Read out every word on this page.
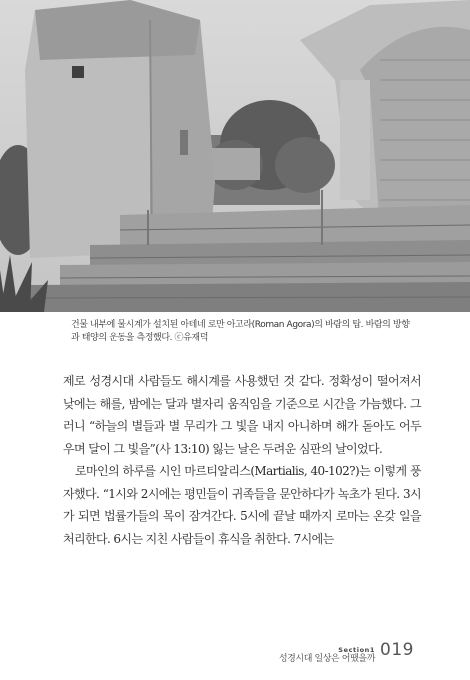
건물 내부에 물시계가 설치된 아테네 로만 아고라(Roman Agora)의 바람의 탑. 바람의 방향과 태양의 운동을 측정했다. ⓒ유재덕

제로 성경시대 사람들도 해시계를 사용했던 것 같다. 정확성이 떨어져서 낮에는 해를, 밤에는 달과 별자리 움직임을 기준으로 시간을 가늠했다. 그러니 “하늘의 별들과 별 무리가 그 빛을 내지 아니하며 해가 돋아도 어두우며 달이 그 빛을”(사 13:10) 잃는 날은 두려운 심판의 날이었다.

로마인의 하루를 시인 마르티알리스(Martialis, 40-102?)는 이렇게 풍자했다. “1시와 2시에는 평민들이 귀족들을 문안하다가 녹초가 된다. 3시가 되면 법률가들의 목이 잠겨간다. 5시에 끝날 때까지 로마는 온갖 일을 처리한다. 6시는 지친 사람들이 휴식을 취한다. 7시에는

Section1
성경시대 일상은 어땠을까 019
